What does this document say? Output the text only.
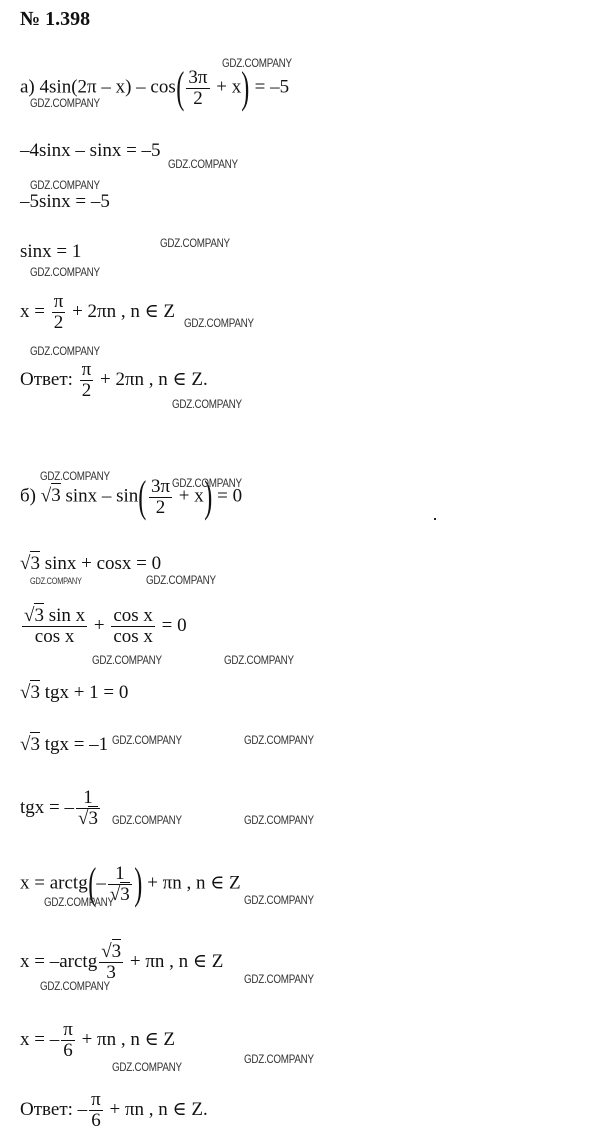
№ 1.398
а) $4\sin(2\pi - x) - \cos( \frac{3\pi}{2} + x) = -5$
–4sinx – sinx = –5
–5sinx = –5
sinx = 1
$x = \frac{\pi}{2} + 2\pi n$ , n ∈ Z
Ответ: $\frac{\pi}{2} + 2\pi n$ , n ∈ Z.
б) √3 $\sin x - \sin( \frac{3\pi}{2} + x) = 0$
√3 sinx + cosx = 0
$\frac{\text{√3 sin x}}{\text{cos x}} + \frac{\text{cos x}}{\text{cos x}} = 0$
√3 tgx + 1 = 0
√3 tgx = –1
tgx = – $\frac{1}{√3}$
x = arctg(– $\frac{1}{√3}$ ) + πn , n ∈ Z
x = –arctg $\frac{√3}{3} + \pi n$ , n ∈ Z
x = – $\frac{\pi}{6} + \pi n$ , n ∈ Z
Ответ: – $\frac{\pi}{6} + \pi n$ , n ∈ Z.
GDZ.COMPANY
GDZ.COMPANY
GDZ.COMPANY
GDZ.COMPANY
GDZ.COMPANY
GDZ.COMPANY
GDZ.COMPANY
GDZ.COMPANY
GDZ.COMPANY
GDZ.COMPANY	GDZ.COMPANY
GDZ.COMPANY	GDZ.COMPANY
GDZ.COMPANY	GDZ.COMPANY
GDZ.COMPANY	GDZ.COMPANY
GDZ.COMPANY	GDZ.COMPANY
GDZ.COMPANY	GDZ.COMPANY
GDZ.COMPANY	GDZ.COMPANY
GDZ.COMPANY
GDZ.COMPANY
